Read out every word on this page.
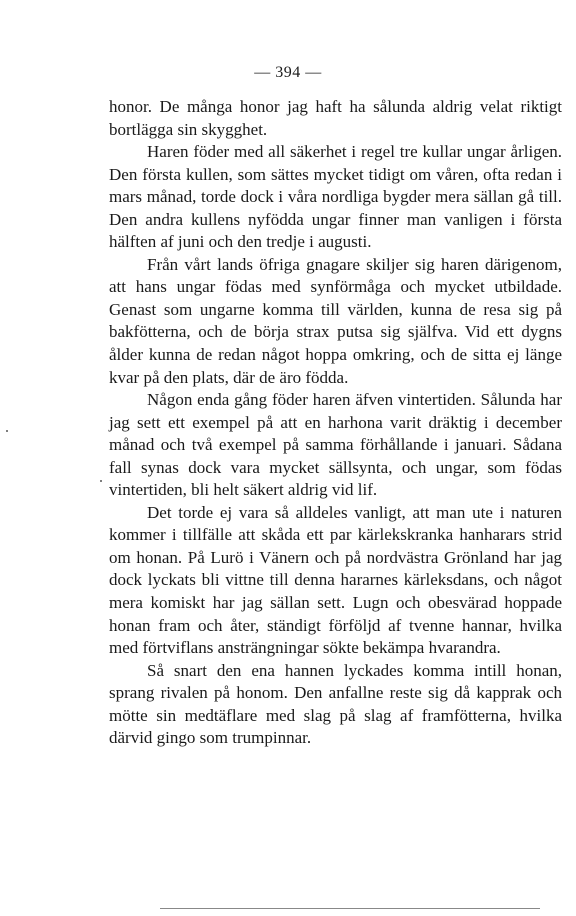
— 394 —

honor. De många honor jag haft ha sålunda aldrig velat riktigt bortlägga sin skygghet.

Haren föder med all säkerhet i regel tre kullar ungar årligen. Den första kullen, som sättes mycket tidigt om våren, ofta redan i mars månad, torde dock i våra nordliga bygder mera sällan gå till. Den andra kullens nyfödda ungar finner man vanligen i första hälften af juni och den tredje i augusti.

Från vårt lands öfriga gnagare skiljer sig haren därigenom, att hans ungar födas med synförmåga och mycket utbildade. Genast som ungarne komma till världen, kunna de resa sig på bakfötterna, och de börja strax putsa sig själfva. Vid ett dygns ålder kunna de redan något hoppa omkring, och de sitta ej länge kvar på den plats, där de äro födda.

Någon enda gång föder haren äfven vintertiden. Sålunda har jag sett ett exempel på att en harhona varit dräktig i december månad och två exempel på samma förhållande i januari. Sådana fall synas dock vara mycket sällsynta, och ungar, som födas vintertiden, bli helt säkert aldrig vid lif.

Det torde ej vara så alldeles vanligt, att man ute i naturen kommer i tillfälle att skåda ett par kärlekskranka hanharars strid om honan. På Lurö i Vänern och på nordvästra Grönland har jag dock lyckats bli vittne till denna hararnes kärleksdans, och något mera komiskt har jag sällan sett. Lugn och obesvärad hoppade honan fram och åter, ständigt förföljd af tvenne hannar, hvilka med förtviflans ansträngningar sökte bekämpa hvarandra.

Så snart den ena hannen lyckades komma intill honan, sprang rivalen på honom. Den anfallne reste sig då kapprak och mötte sin medtäflare med slag på slag af framfötterna, hvilka därvid gingo som trumpinnar.
